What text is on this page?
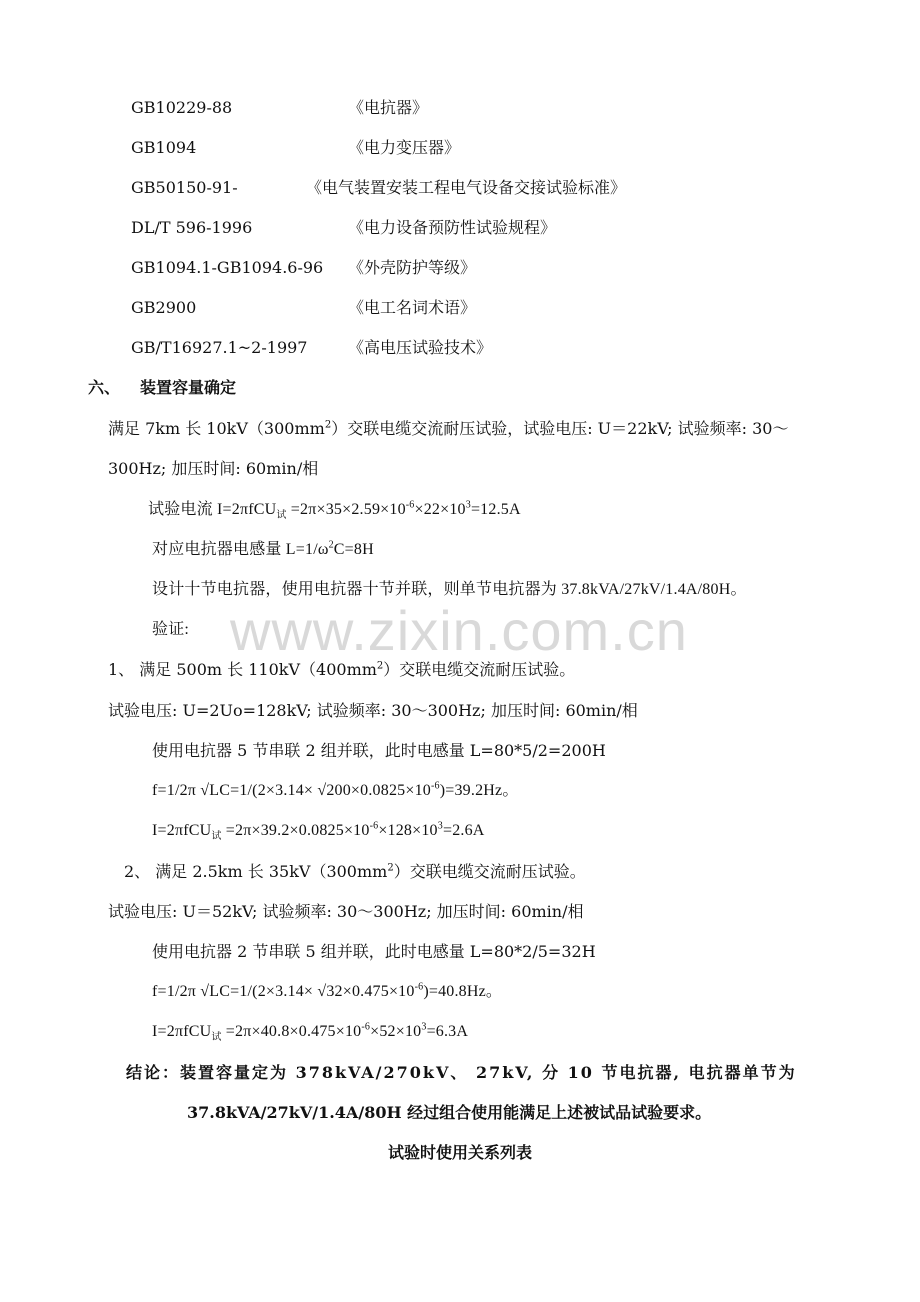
www.zixin.com.cn
GB10229-88	《电抗器》
GB1094	《电力变压器》
GB50150-91-	《电气装置安装工程电气设备交接试验标准》
DL/T 596-1996	《电力设备预防性试验规程》
GB1094.1-GB1094.6-96 《外壳防护等级》
GB2900	《电工名词术语》
GB/T16927.1~2-1997	《高电压试验技术》
六、 装置容量确定
满足 7km 长 $10kV(300mm^2)$交联电缆交流耐压试验，试验电压: U＝22kV; 试验频率: 30～
300Hz; 加压时间: 60min/相
试验电流 $I=2\pi fCU_试 =2\pi\times 35\times 2.59\times 10^{-6}\times 22\times 10^3=12.5A$
对应电抗器电感量 $L=1/\omega^2C=8H$
设计十节电抗器，使用电抗器十节并联，则单节电抗器为 37.8kVA/27kV/1.4A/80H。
验证:
1、 满足 500m 长 $110kV(400mm^2)$交联电缆交流耐压试验。
试验电压: U=2Uo=128kV; 试验频率: 30～300Hz; 加压时间: 60min/相
使用电抗器 5 节串联 2 组并联，此时电感量 L=80*5/2=200H
f=1/2π $√LC=1/(2\times 3.14\times √200\times 0.0825\times 10^{-6})=39.2Hz$。
$I=2\pi fCU_试 =2\pi\times 39.2\times 0.0825\times 10^{-6}\times 128\times 10^3=2.6A$
2、 满足 2.5km 长 $35kV(300mm^2)$交联电缆交流耐压试验。
试验电压: U＝52kV; 试验频率: 30～300Hz; 加压时间: 60min/相
使用电抗器 2 节串联 5 组并联，此时电感量 L=80*2/5=32H
f=1/2π $√LC=1/(2\times 3.14\times √32\times 0.475\times 10^{-6})=40.8Hz$。
$I=2\pi fCU_试 =2\pi\times 40.8\times 0.475\times 10^{-6}\times 52\times 10^3=6.3A$
结论：装置容量定为 378kVA/270kV、 27kV, 分 10 节电抗器, 电抗器单节为
37.8kVA/27kV/1.4A/80H 经过组合使用能满足上述被试品试验要求。
试验时使用关系列表
